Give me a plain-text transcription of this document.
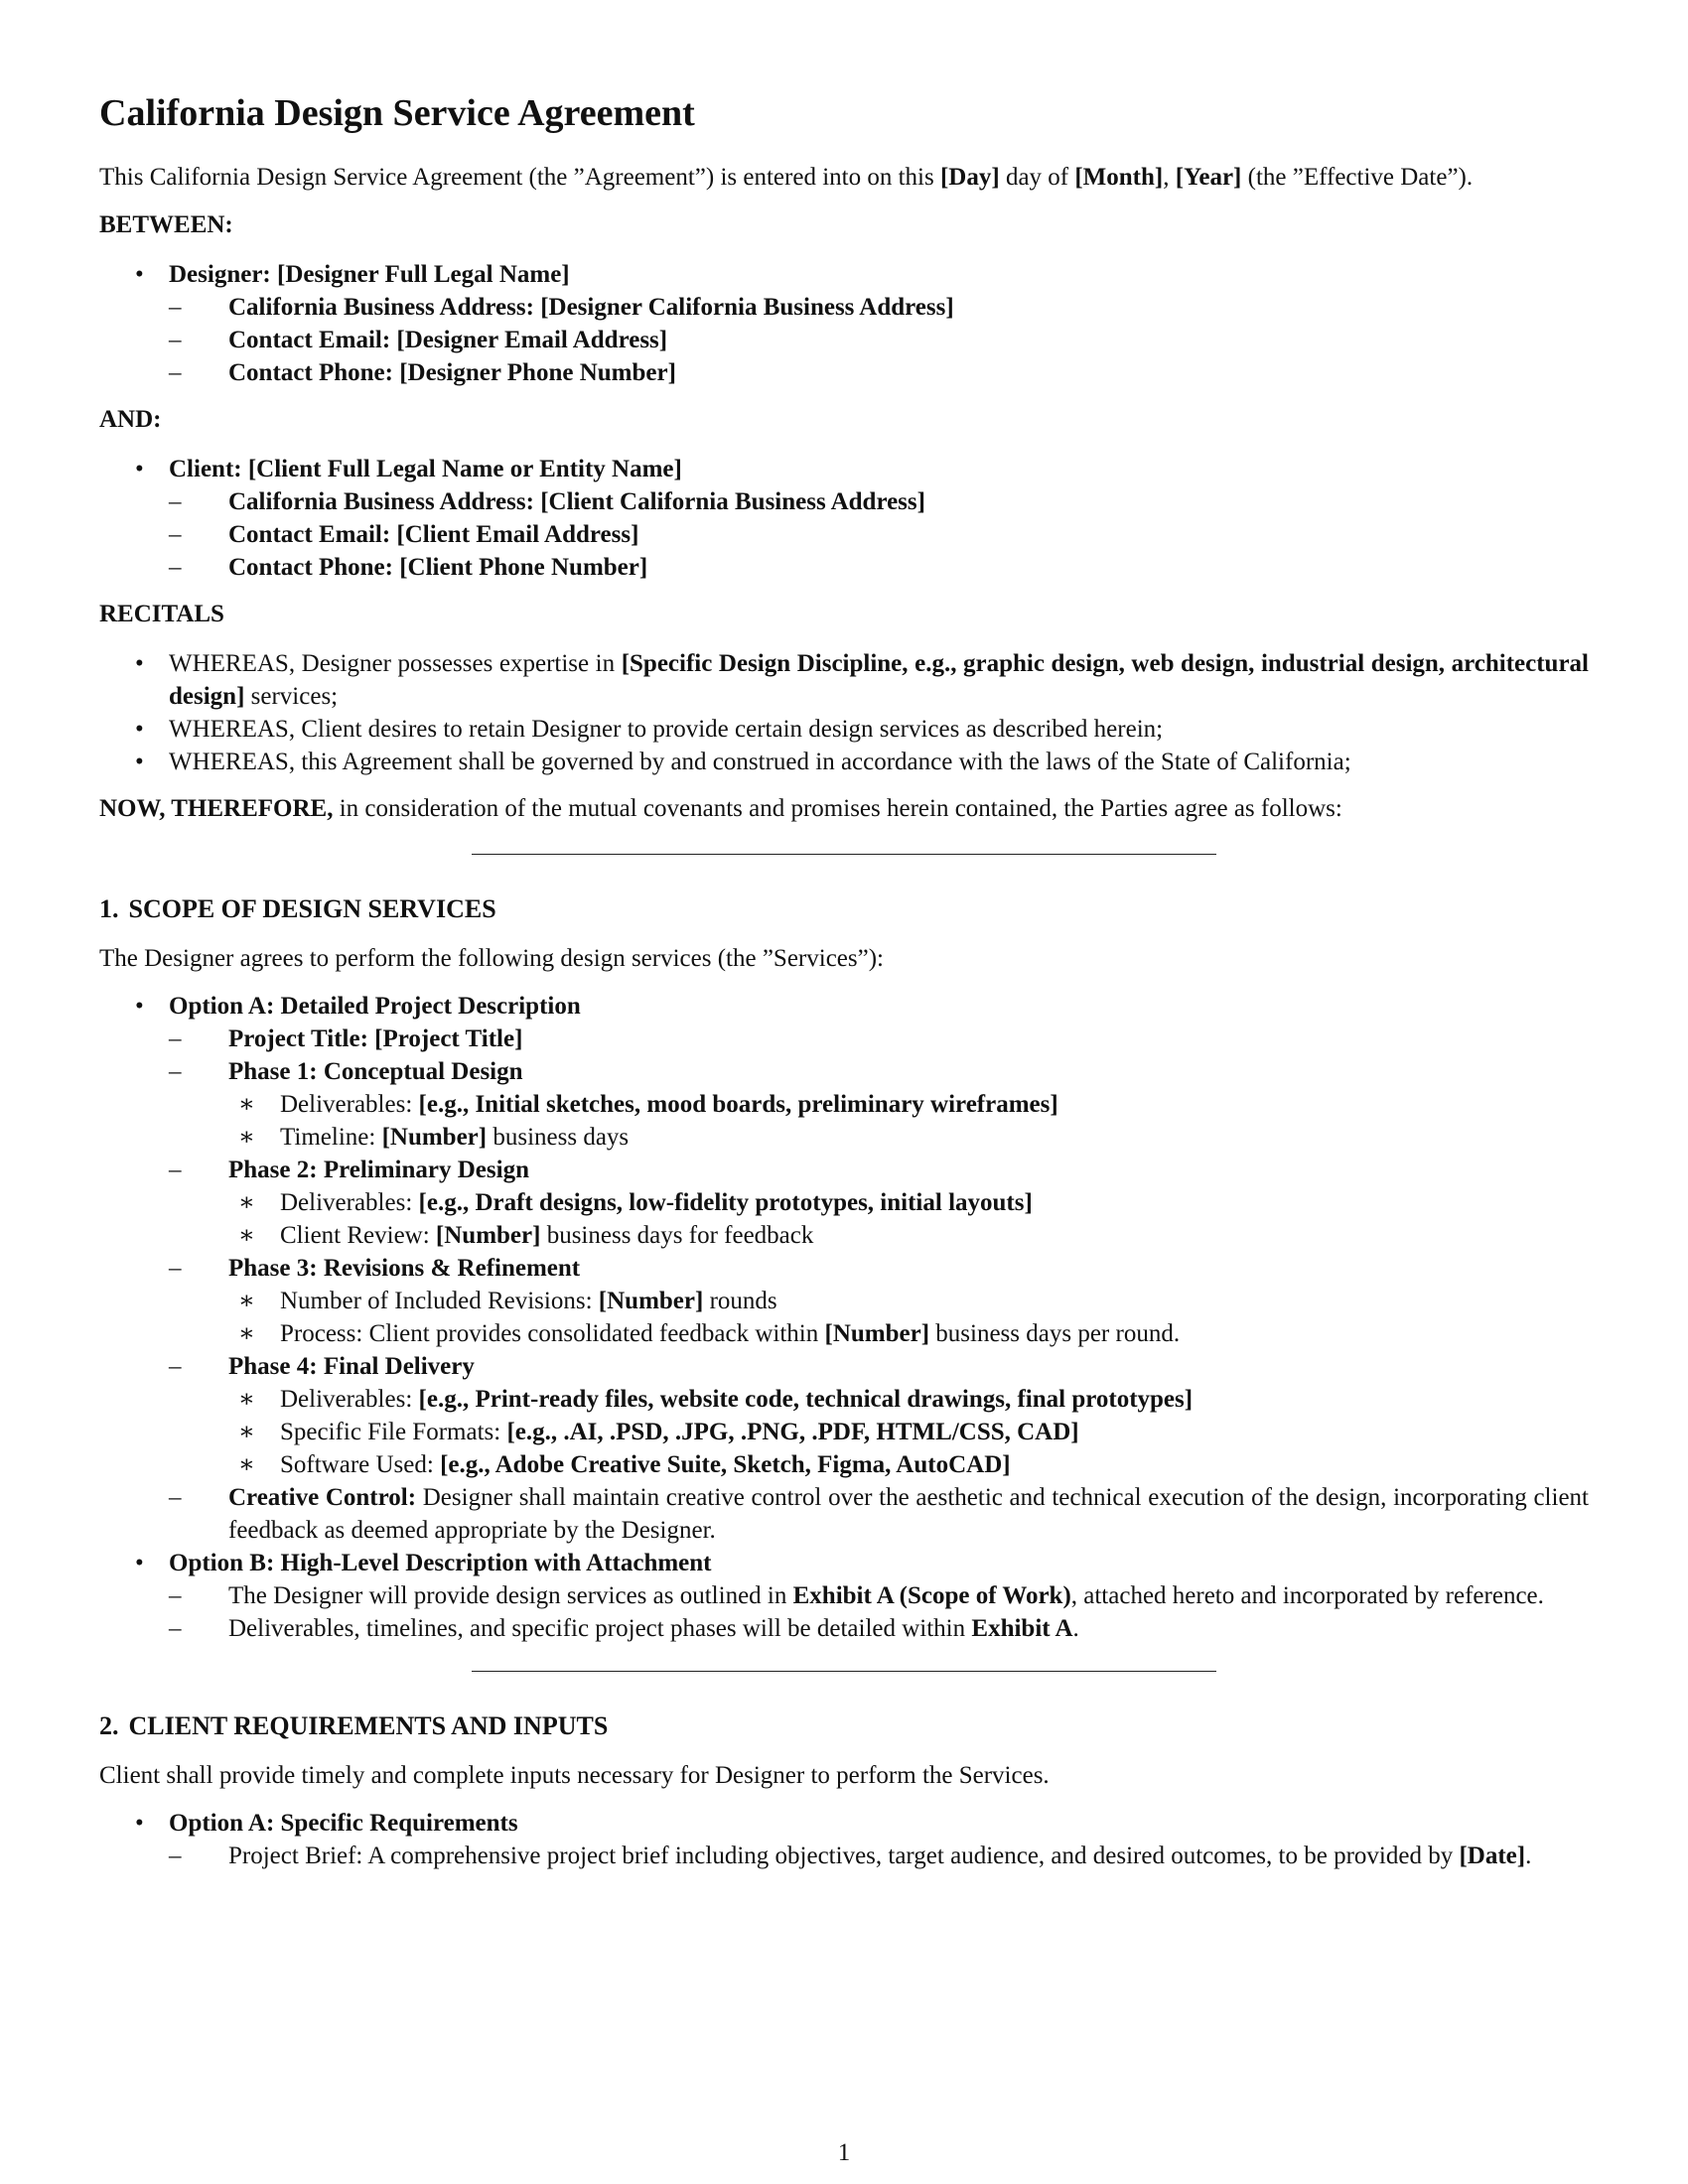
California Design Service Agreement

This California Design Service Agreement (the ”Agreement”) is entered into on this [Day] day of [Month], [Year] (the ”Effective Date”).

BETWEEN:
• Designer: [Designer Full Legal Name]
– California Business Address: [Designer California Business Address]
– Contact Email: [Designer Email Address]
– Contact Phone: [Designer Phone Number]
AND:
• Client: [Client Full Legal Name or Entity Name]
– California Business Address: [Client California Business Address]
– Contact Email: [Client Email Address]
– Contact Phone: [Client Phone Number]
RECITALS
• WHEREAS, Designer possesses expertise in [Specific Design Discipline, e.g., graphic design, web design, industrial design, architectural design] services;
• WHEREAS, Client desires to retain Designer to provide certain design services as described herein;
• WHEREAS, this Agreement shall be governed by and construed in accordance with the laws of the State of California;

NOW, THEREFORE, in consideration of the mutual covenants and promises herein contained, the Parties agree as follows:

1. SCOPE OF DESIGN SERVICES

The Designer agrees to perform the following design services (the ”Services”):

• Option A: Detailed Project Description
– Project Title: [Project Title]
– Phase 1: Conceptual Design
∗ Deliverables: [e.g., Initial sketches, mood boards, preliminary wireframes]
∗ Timeline: [Number] business days
– Phase 2: Preliminary Design
∗ Deliverables: [e.g., Draft designs, low-fidelity prototypes, initial layouts]
∗ Client Review: [Number] business days for feedback
– Phase 3: Revisions & Refinement
∗ Number of Included Revisions: [Number] rounds
∗ Process: Client provides consolidated feedback within [Number] business days per round.
– Phase 4: Final Delivery
∗ Deliverables: [e.g., Print-ready files, website code, technical drawings, final prototypes]
∗ Specific File Formats: [e.g., .AI, .PSD, .JPG, .PNG, .PDF, HTML/CSS, CAD]
∗ Software Used: [e.g., Adobe Creative Suite, Sketch, Figma, AutoCAD]
– Creative Control: Designer shall maintain creative control over the aesthetic and technical execution of the design, incorporating client feedback as deemed appropriate by the Designer.
• Option B: High-Level Description with Attachment
– The Designer will provide design services as outlined in Exhibit A (Scope of Work), attached hereto and incorporated by reference.
– Deliverables, timelines, and specific project phases will be detailed within Exhibit A.
2. CLIENT REQUIREMENTS AND INPUTS

Client shall provide timely and complete inputs necessary for Designer to perform the Services.

• Option A: Specific Requirements
– Project Brief: A comprehensive project brief including objectives, target audience, and desired outcomes, to be provided by [Date].
1
